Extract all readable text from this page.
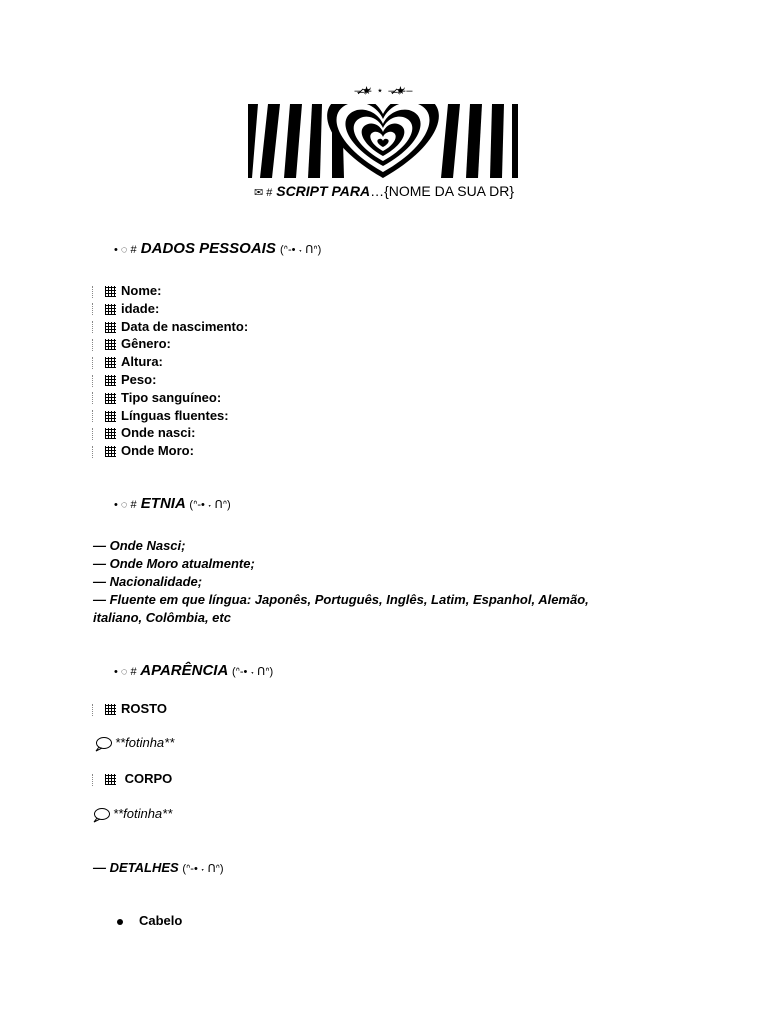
‒̷̶̷̶★̷̶ ⋆ ‒̷̶̷̶★̷̶‒
✉︎ # SCRIPT PARA…{NOME DA SUA DR}
• ◌ # DADOS PESSOAIS (ᐢ-• ˕ ᑎᐢ)
Nome:
idade:
Data de nascimento:
Gênero:
Altura:
Peso:
Tipo sanguíneo:
Línguas fluentes:
Onde nasci:
Onde Moro:
• ◌ # ETNIA (ᐢ-• ˕ ᑎᐢ)
— Onde Nasci;
— Onde Moro atualmente;
— Nacionalidade;
— Fluente em que língua: Japonês, Português, Inglês, Latim, Espanhol, Alemão,
italiano, Colômbia, etc
• ◌ # APARÊNCIA (ᐢ-• ˕ ᑎᐢ)
ROSTO
**fotinha**
CORPO
**fotinha**
— DETALHES (ᐢ-• ˕ ᑎᐢ)
Cabelo
